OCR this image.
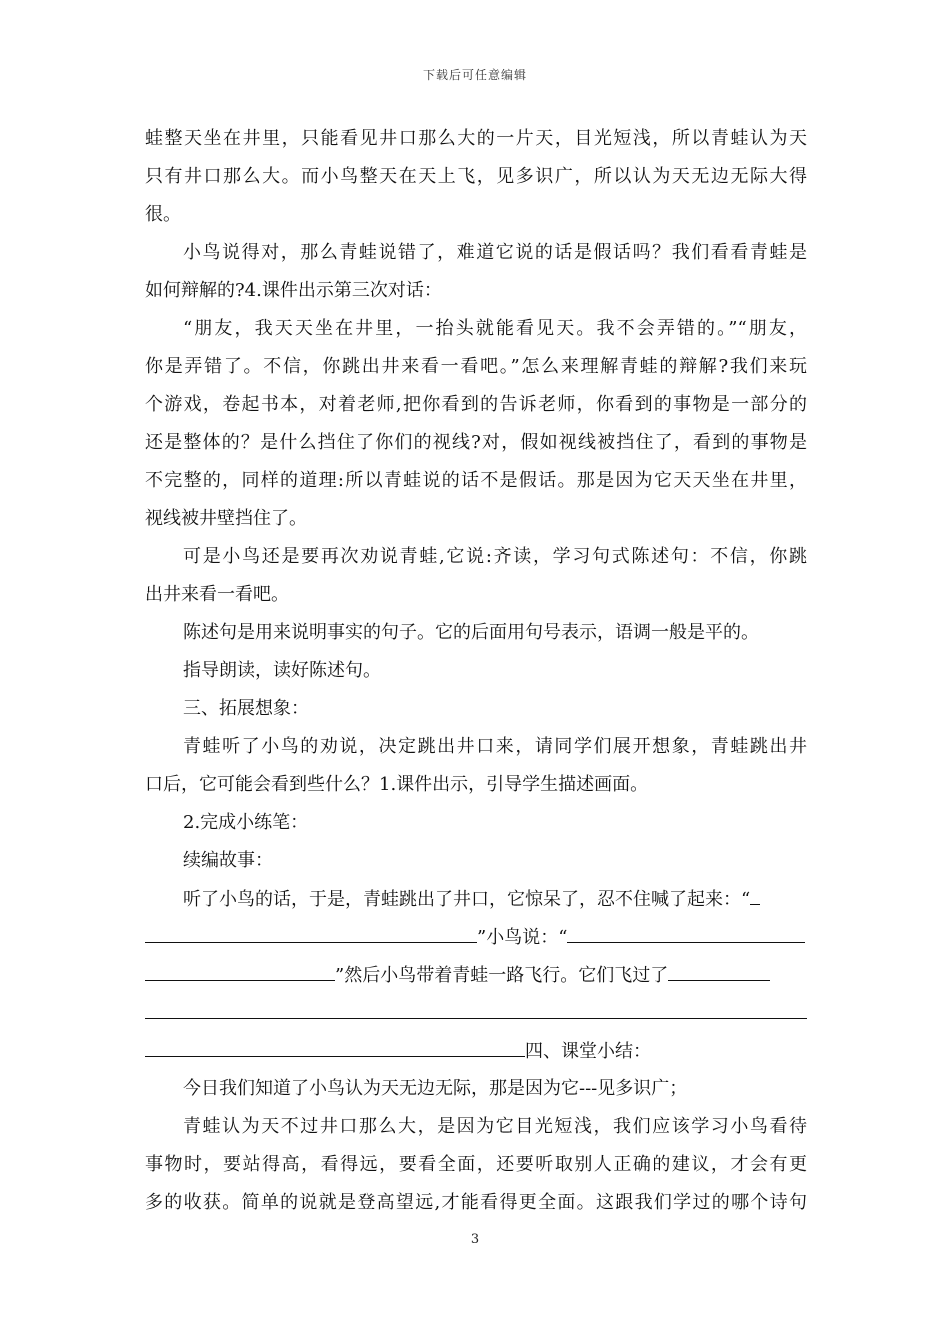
下载后可任意编辑
蛙整天坐在井里，只能看见井口那么大的一片天，目光短浅，所以青蛙认为天
只有井口那么大。而小鸟整天在天上飞，见多识广，所以认为天无边无际大得
很。
小鸟说得对，那么青蛙说错了，难道它说的话是假话吗？我们看看青蛙是
如何辩解的?4.课件出示第三次对话：
“朋友，我天天坐在井里，一抬头就能看见天。我不会弄错的。”“朋友，
你是弄错了。不信，你跳出井来看一看吧。”怎么来理解青蛙的辩解?我们来玩
个游戏，卷起书本，对着老师,把你看到的告诉老师，你看到的事物是一部分的
还是整体的？是什么挡住了你们的视线?对，假如视线被挡住了，看到的事物是
不完整的，同样的道理:所以青蛙说的话不是假话。那是因为它天天坐在井里，
视线被井壁挡住了。
可是小鸟还是要再次劝说青蛙,它说:齐读，学习句式陈述句：不信，你跳
出井来看一看吧。
陈述句是用来说明事实的句子。它的后面用句号表示，语调一般是平的。
指导朗读，读好陈述句。
三、拓展想象：
青蛙听了小鸟的劝说，决定跳出井口来，请同学们展开想象，青蛙跳出井
口后，它可能会看到些什么？1.课件出示，引导学生描述画面。
2.完成小练笔：
续编故事：
听了小鸟的话，于是，青蛙跳出了井口，它惊呆了，忍不住喊了起来：“
”小鸟说：“
”然后小鸟带着青蛙一路飞行。它们飞过了
四、课堂小结：
今日我们知道了小鸟认为天无边无际，那是因为它---见多识广；
青蛙认为天不过井口那么大，是因为它目光短浅，我们应该学习小鸟看待
事物时，要站得高，看得远，要看全面，还要听取别人正确的建议，才会有更
多的收获。简单的说就是登高望远,才能看得更全面。这跟我们学过的哪个诗句
3
